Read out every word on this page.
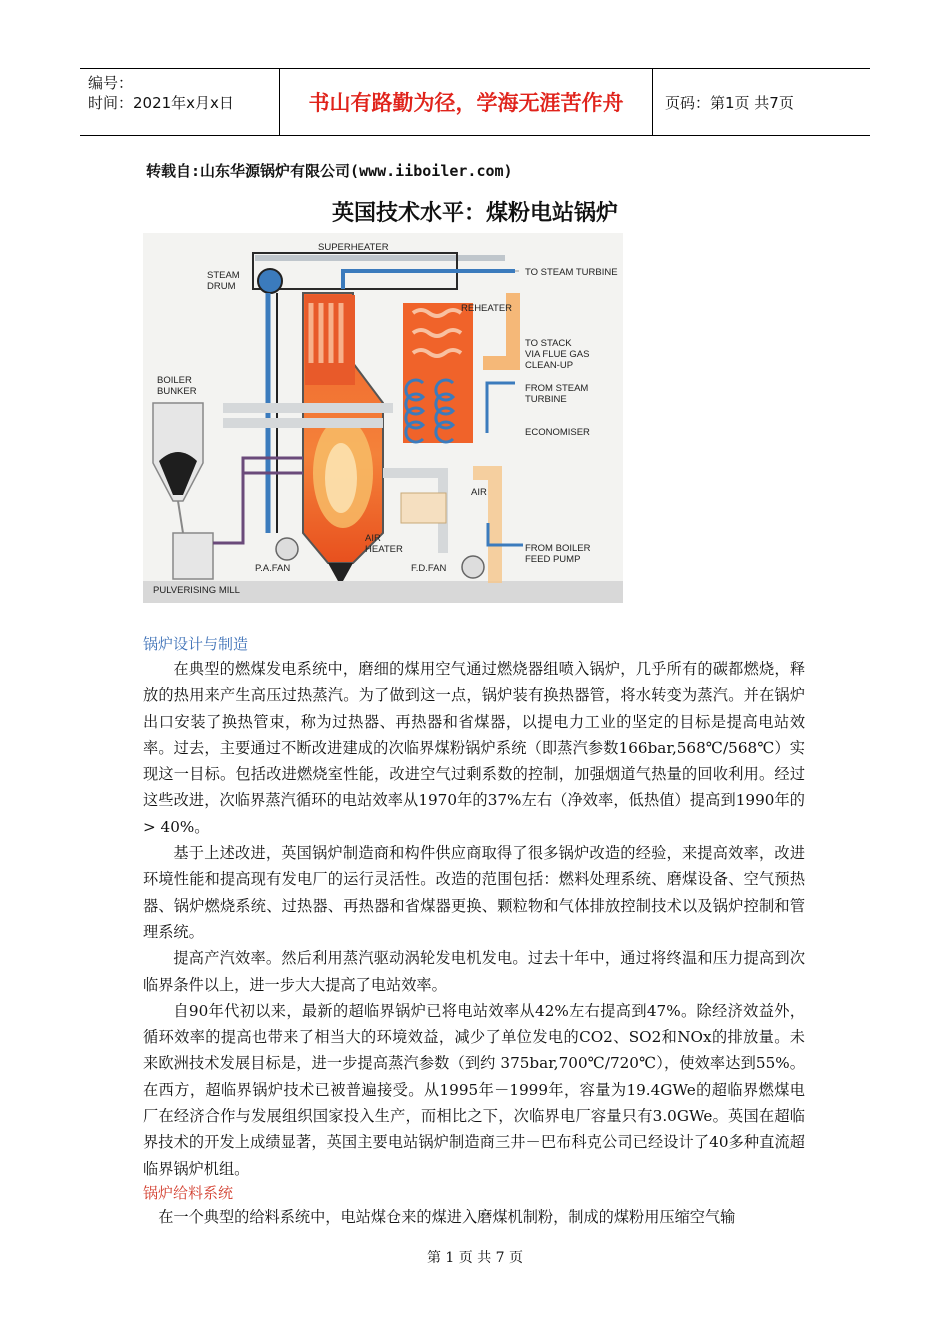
编号：
时间：2021年x月x日	书山有路勤为径，学海无涯苦作舟	页码：第1页 共7页
转载自:山东华源锅炉有限公司(www.iiboiler.com)
英国技术水平：煤粉电站锅炉
SUPERHEATER
STEAM
DRUM
TO STEAM TURBINE
REHEATER
TO STACK
VIA FLUE GAS
CLEAN-UP
FROM STEAM
TURBINE
BOILER
BUNKER
ECONOMISER
AIR
AIR
HEATER
P.A.FAN	F.D.FAN
FROM BOILER
FEED PUMP
PULVERISING MILL
锅炉设计与制造

在典型的燃煤发电系统中，磨细的煤用空气通过燃烧器组喷入锅炉，几乎所有的碳都燃烧，释放的热用来产生高压过热蒸汽。为了做到这一点，锅炉装有换热器管，将水转变为蒸汽。并在锅炉出口安装了换热管束，称为过热器、再热器和省煤器，以提电力工业的坚定的目标是提高电站效率。过去，主要通过不断改进建成的次临界煤粉锅炉系统（即蒸汽参数166bar,568℃/568℃）实现这一目标。包括改进燃烧室性能，改进空气过剩系数的控制，加强烟道气热量的回收利用。经过这些改进，次临界蒸汽循环的电站效率从1970年的37%左右（净效率，低热值）提高到1990年的> 40%。

基于上述改进，英国锅炉制造商和构件供应商取得了很多锅炉改造的经验，来提高效率，改进环境性能和提高现有发电厂的运行灵活性。改造的范围包括：燃料处理系统、磨煤设备、空气预热器、锅炉燃烧系统、过热器、再热器和省煤器更换、颗粒物和气体排放控制技术以及锅炉控制和管理系统。

提高产汽效率。然后利用蒸汽驱动涡轮发电机发电。过去十年中，通过将终温和压力提高到次临界条件以上，进一步大大提高了电站效率。

自90年代初以来，最新的超临界锅炉已将电站效率从42%左右提高到47%。除经济效益外，循环效率的提高也带来了相当大的环境效益，减少了单位发电的CO2、SO2和NOx的排放量。未来欧洲技术发展目标是，进一步提高蒸汽参数（到约 375bar,700℃/720℃），使效率达到55%。在西方，超临界锅炉技术已被普遍接受。从1995年－1999年，容量为19.4GWe的超临界燃煤电厂在经济合作与发展组织国家投入生产，而相比之下，次临界电厂容量只有3.0GWe。英国在超临界技术的开发上成绩显著，英国主要电站锅炉制造商三井－巴布科克公司已经设计了40多种直流超临界锅炉机组。

锅炉给料系统

在一个典型的给料系统中，电站煤仓来的煤进入磨煤机制粉，制成的煤粉用压缩空气输

第 1 页 共 7 页
